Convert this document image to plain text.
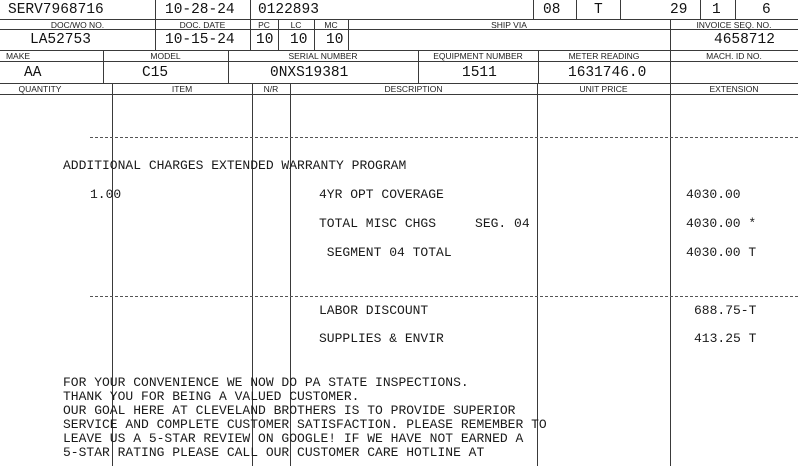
SERV7968716	10-28-24 0122893	08 T	29 1	6
DOC/WO NO.	DOC. DATE	PC	LC	MC	SHIP VIA	INVOICE SEQ. NO.
LA52753	10-15-24 10 10 10	4658712
MAKE	MODEL	SERIAL NUMBER	EQUIPMENT NUMBER	METER READING	MACH. ID NO.
AA	C15	0NXS19381	1511	1631746.0
QUANTITY	ITEM	N/R	DESCRIPTION	UNIT PRICE	EXTENSION
ADDITIONAL CHARGES EXTENDED WARRANTY PROGRAM
1.00	4YR OPT COVERAGE	4030.00
TOTAL MISC CHGS     SEG. 04	4030.00 *
SEGMENT 04 TOTAL	4030.00 T
LABOR DISCOUNT	688.75-T
SUPPLIES & ENVIR	413.25 T
FOR YOUR CONVENIENCE WE NOW DO PA STATE INSPECTIONS.
THANK YOU FOR BEING A VALUED CUSTOMER.
OUR GOAL HERE AT CLEVELAND BROTHERS IS TO PROVIDE SUPERIOR
SERVICE AND COMPLETE CUSTOMER SATISFACTION. PLEASE REMEMBER TO
LEAVE US A 5-STAR REVIEW ON GOOGLE! IF WE HAVE NOT EARNED A
5-STAR RATING PLEASE CALL OUR CUSTOMER CARE HOTLINE AT
